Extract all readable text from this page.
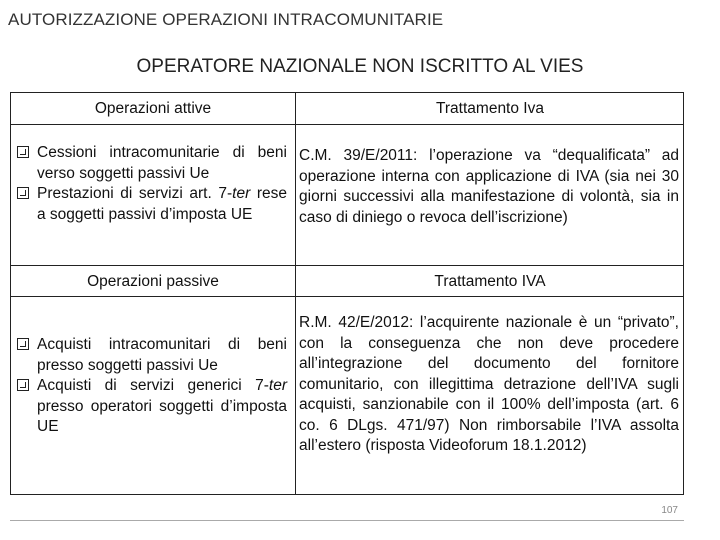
AUTORIZZAZIONE OPERAZIONI INTRACOMUNITARIE
OPERATORE NAZIONALE NON ISCRITTO AL VIES
Operazioni attive	Trattamento Iva
Cessioni intracomunitarie di beni verso soggetti passivi Ue
Prestazioni di servizi art. 7-ter rese a soggetti passivi d’imposta UE
C.M. 39/E/2011: l’operazione va “dequalificata” ad operazione interna con applicazione di IVA (sia nei 30 giorni successivi alla manifestazione di volontà, sia in caso di diniego o revoca dell’iscrizione)
Operazioni passive	Trattamento IVA
Acquisti intracomunitari di beni presso soggetti passivi Ue
Acquisti di servizi generici 7-ter presso operatori soggetti d’imposta UE
R.M. 42/E/2012: l’acquirente nazionale è un “privato”, con la conseguenza che non deve procedere all’integrazione del documento del fornitore comunitario, con illegittima detrazione dell’IVA sugli acquisti, sanzionabile con il 100% dell’imposta (art. 6 co. 6 DLgs. 471/97) Non rimborsabile l’IVA assolta all’estero (risposta Videoforum 18.1.2012)
107
